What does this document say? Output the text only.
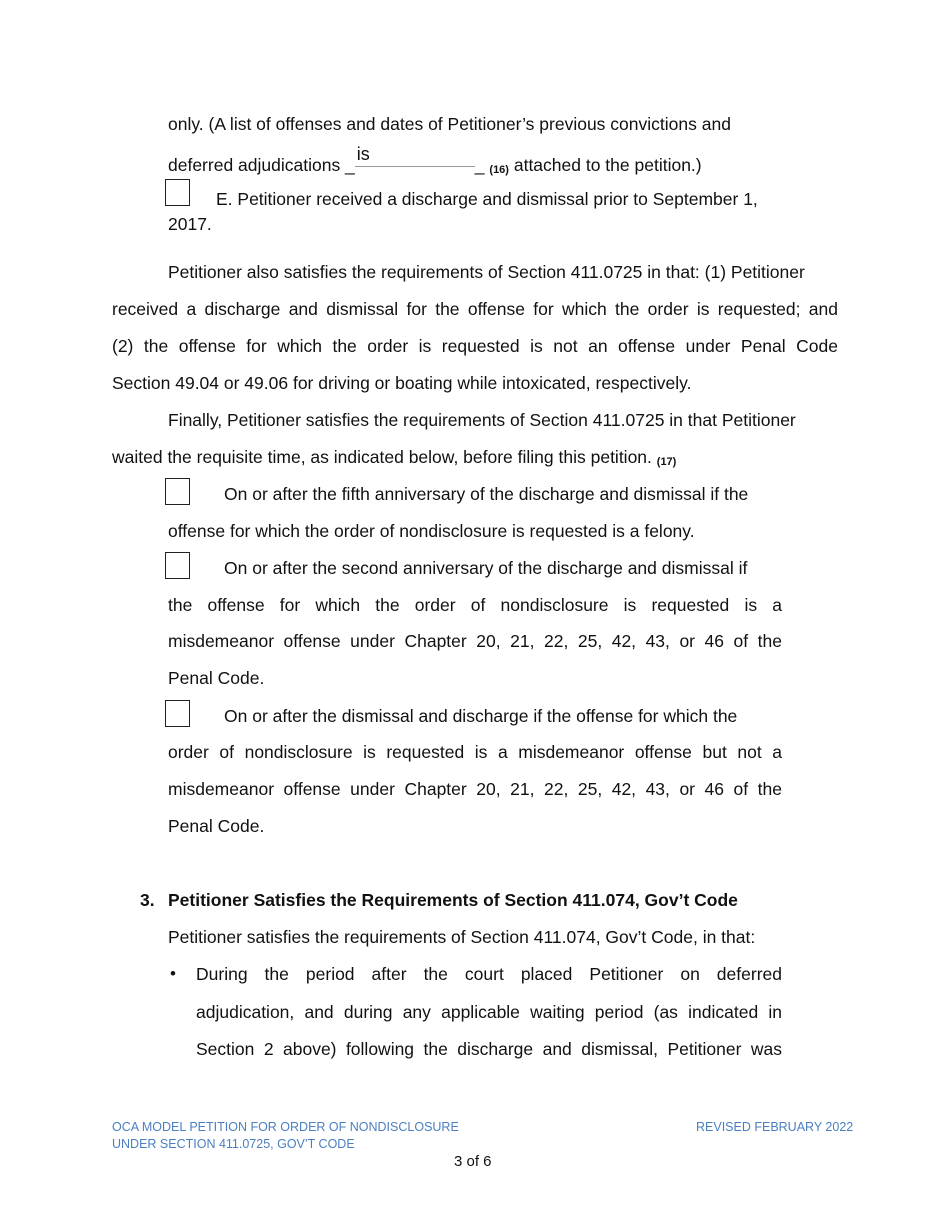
only. (A list of offenses and dates of Petitioner’s previous convictions and
deferred adjudications _
is	_ (16) attached to the petition.)
E. Petitioner received a discharge and dismissal prior to September 1,
2017.
Petitioner also satisfies the requirements of Section 411.0725 in that: (1) Petitioner
received a discharge and dismissal for the offense for which the order is requested; and
(2) the offense for which the order is requested is not an offense under Penal Code
Section 49.04 or 49.06 for driving or boating while intoxicated, respectively.
Finally, Petitioner satisfies the requirements of Section 411.0725 in that Petitioner
waited the requisite time, as indicated below, before filing this petition. (17)
On or after the fifth anniversary of the discharge and dismissal if the
offense for which the order of nondisclosure is requested is a felony.
On or after the second anniversary of the discharge and dismissal if
the offense for which the order of nondisclosure is requested is a
misdemeanor offense under Chapter 20, 21, 22, 25, 42, 43, or 46 of the
Penal Code.
On or after the dismissal and discharge if the offense for which the
order of nondisclosure is requested is a misdemeanor offense but not a
misdemeanor offense under Chapter 20, 21, 22, 25, 42, 43, or 46 of the
Penal Code.
3. Petitioner Satisfies the Requirements of Section 411.074, Gov’t Code
Petitioner satisfies the requirements of Section 411.074, Gov’t Code, in that:
• During the period after the court placed Petitioner on deferred
adjudication, and during any applicable waiting period (as indicated in
Section 2 above) following the discharge and dismissal, Petitioner was
OCA MODEL PETITION FOR ORDER OF NONDISCLOSURE
UNDER SECTION 411.0725, GOV’T CODE
REVISED FEBRUARY 2022
3 of 6
